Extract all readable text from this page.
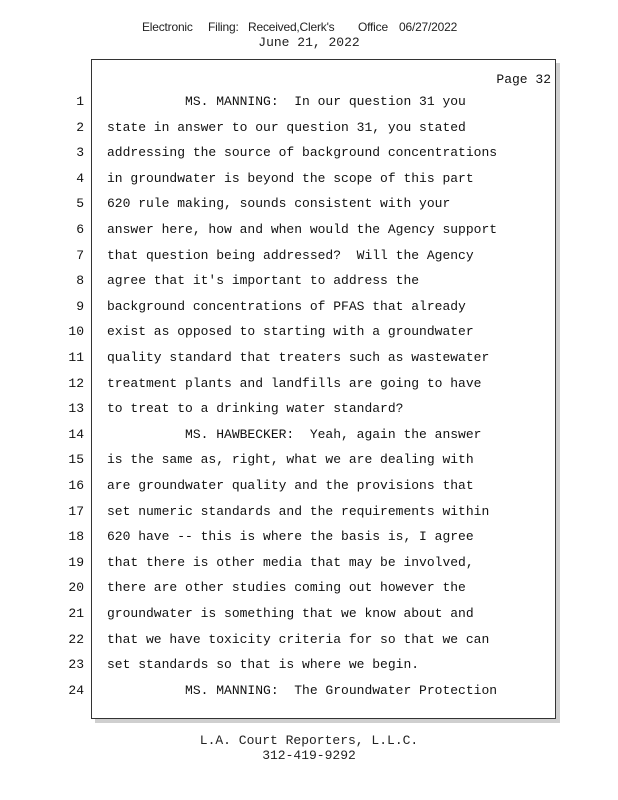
Electronic Filing: Received,Clerk's Office 06/27/2022
June 21, 2022
Page 32
1 MS. MANNING:  In our question 31 you
2 state in answer to our question 31, you stated
3 addressing the source of background concentrations
4 in groundwater is beyond the scope of this part
5 620 rule making, sounds consistent with your
6 answer here, how and when would the Agency support
7 that question being addressed?  Will the Agency
8 agree that it's important to address the
9 background concentrations of PFAS that already
10 exist as opposed to starting with a groundwater
11 quality standard that treaters such as wastewater
12 treatment plants and landfills are going to have
13 to treat to a drinking water standard?
14 MS. HAWBECKER:  Yeah, again the answer
15 is the same as, right, what we are dealing with
16 are groundwater quality and the provisions that
17 set numeric standards and the requirements within
18 620 have -- this is where the basis is, I agree
19 that there is other media that may be involved,
20 there are other studies coming out however the
21 groundwater is something that we know about and
22 that we have toxicity criteria for so that we can
23 set standards so that is where we begin.
24 MS. MANNING:  The Groundwater Protection
L.A. Court Reporters, L.L.C.
312-419-9292
